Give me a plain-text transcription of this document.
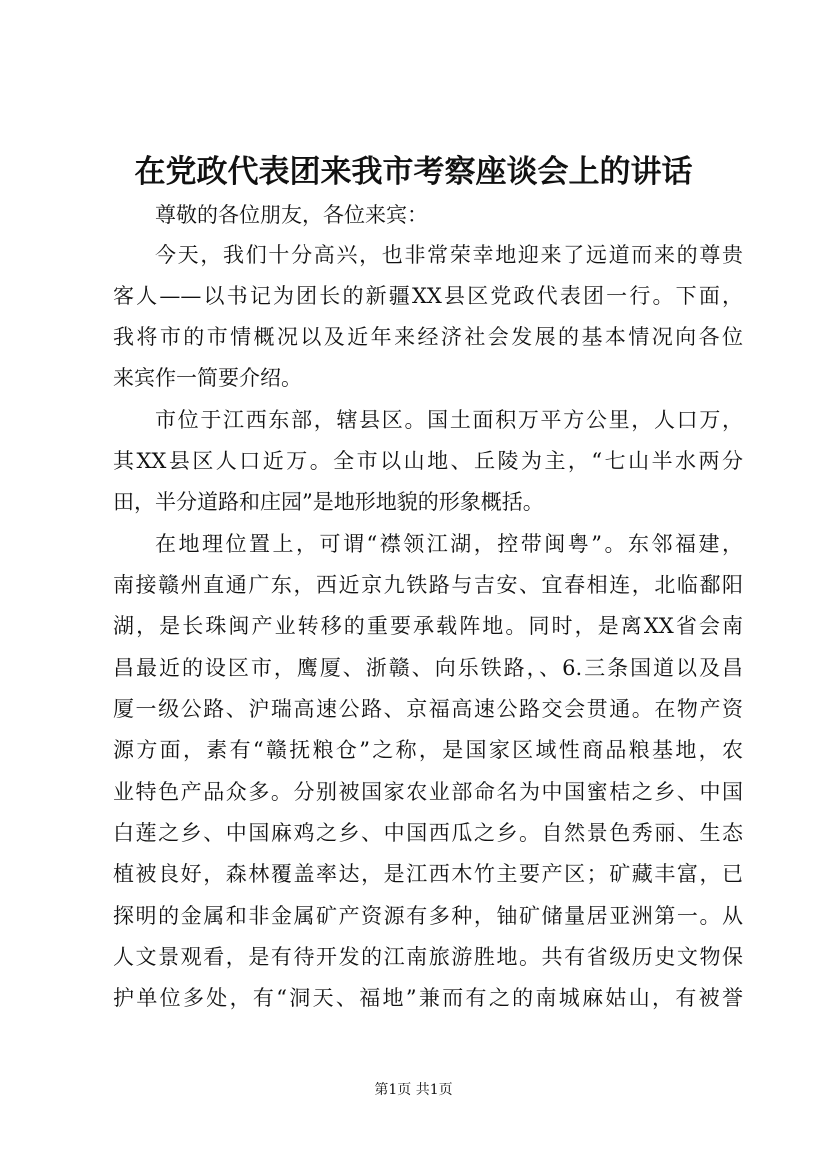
在党政代表团来我市考察座谈会上的讲话
尊敬的各位朋友，各位来宾：
今天，我们十分高兴，也非常荣幸地迎来了远道而来的尊贵
客人——以书记为团长的新疆XX县区党政代表团一行。下面，
我将市的市情概况以及近年来经济社会发展的基本情况向各位
来宾作一简要介绍。
市位于江西东部，辖县区。国土面积万平方公里，人口万，
其XX县区人口近万。全市以山地、丘陵为主，“七山半水两分
田，半分道路和庄园”是地形地貌的形象概括。
在地理位置上，可谓“襟领江湖，控带闽粤”。东邻福建，
南接赣州直通广东，西近京九铁路与吉安、宜春相连，北临鄱阳
湖，是长珠闽产业转移的重要承载阵地。同时，是离XX省会南
昌最近的设区市，鹰厦、浙赣、向乐铁路，、6.三条国道以及昌
厦一级公路、沪瑞高速公路、京福高速公路交会贯通。在物产资
源方面，素有“赣抚粮仓”之称，是国家区域性商品粮基地，农
业特色产品众多。分别被国家农业部命名为中国蜜桔之乡、中国
白莲之乡、中国麻鸡之乡、中国西瓜之乡。自然景色秀丽、生态
植被良好，森林覆盖率达，是江西木竹主要产区；矿藏丰富，已
探明的金属和非金属矿产资源有多种，铀矿储量居亚洲第一。从
人文景观看，是有待开发的江南旅游胜地。共有省级历史文物保
护单位多处，有“洞天、福地”兼而有之的南城麻姑山，有被誉
第1页 共1页
